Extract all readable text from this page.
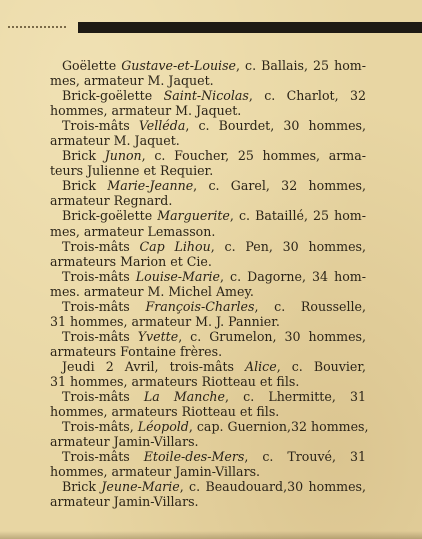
Goëlette Gustave-et-Louise, c. Ballais, 25 hom-
mes, armateur M. Jaquet.
Brick-goëlette Saint-Nicolas, c. Charlot, 32
hommes, armateur M. Jaquet.
Trois-mâts Velléda, c. Bourdet, 30 hommes,
armateur M. Jaquet.
Brick Junon, c. Foucher, 25 hommes, arma-
teurs Julienne et Requier.
Brick Marie-Jeanne, c. Garel, 32 hommes,
armateur Regnard.
Brick-goëlette Marguerite, c. Bataillé, 25 hom-
mes, armateur Lemasson.
Trois-mâts Cap Lihou, c. Pen, 30 hommes,
armateurs Marion et Cie.
Trois-mâts Louise-Marie, c. Dagorne, 34 hom-
mes. armateur M. Michel Amey.
Trois-mâts François-Charles, c. Rousselle,
31 hommes, armateur M. J. Pannier.
Trois-mâts Yvette, c. Grumelon, 30 hommes,
armateurs Fontaine frères.
Jeudi 2 Avril, trois-mâts Alice, c. Bouvier,
31 hommes, armateurs Riotteau et fils.
Trois-mâts La Manche, c. Lhermitte, 31
hommes, armateurs Riotteau et fils.
Trois-mâts, Léopold, cap. Guernion,32 hommes,
armateur Jamin-Villars.
Trois-mâts Etoile-des-Mers, c. Trouvé, 31
hommes, armateur Jamin-Villars.
Brick Jeune-Marie, c. Beaudouard,30 hommes,
armateur Jamin-Villars.
